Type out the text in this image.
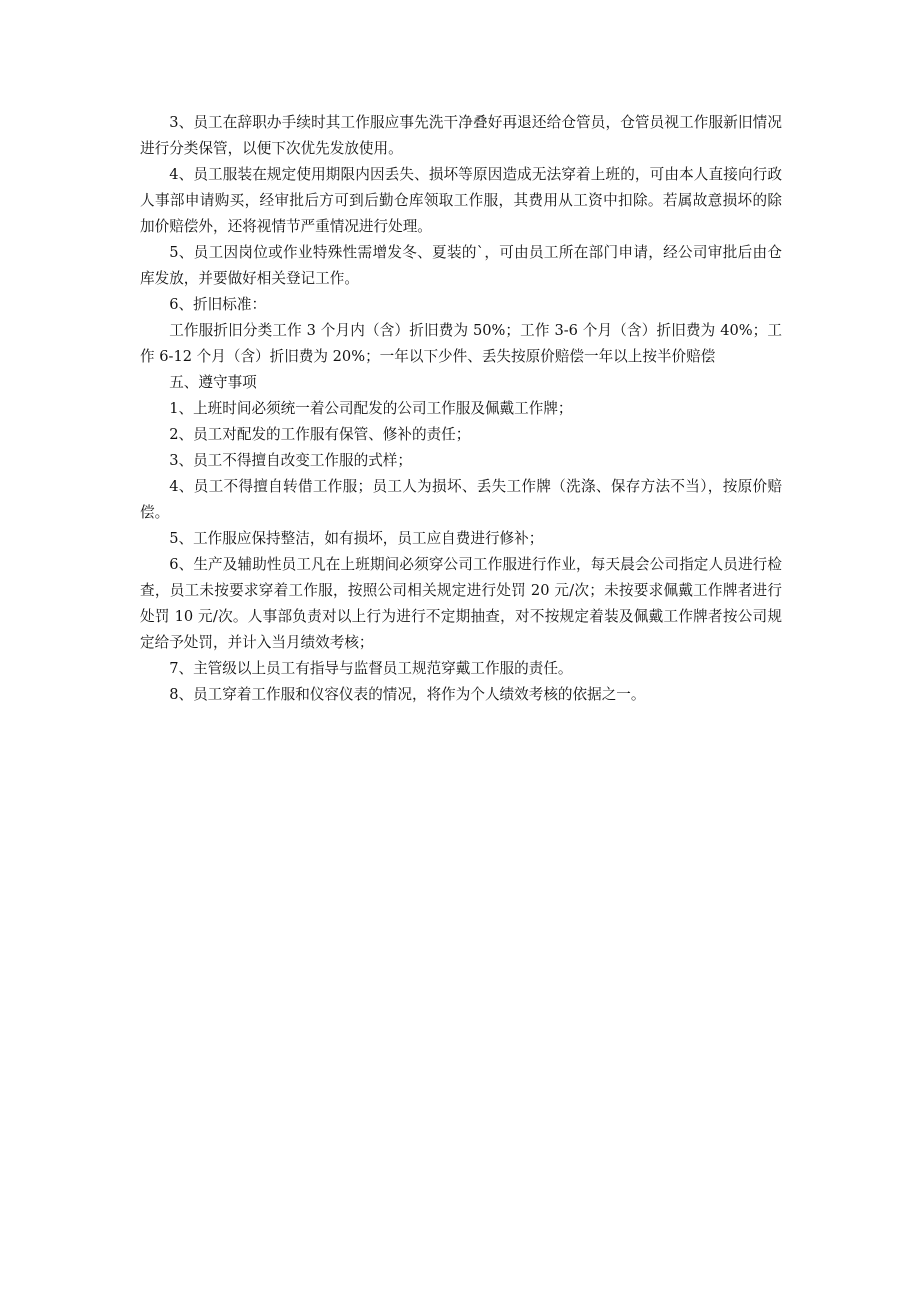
3、员工在辞职办手续时其工作服应事先洗干净叠好再退还给仓管员，仓管员视工作服新旧情况进行分类保管，以便下次优先发放使用。

4、员工服装在规定使用期限内因丢失、损坏等原因造成无法穿着上班的，可由本人直接向行政人事部申请购买，经审批后方可到后勤仓库领取工作服，其费用从工资中扣除。若属故意损坏的除加价赔偿外，还将视情节严重情况进行处理。

5、员工因岗位或作业特殊性需增发冬、夏装的`，可由员工所在部门申请，经公司审批后由仓库发放，并要做好相关登记工作。

6、折旧标准：

工作服折旧分类工作 3 个月内（含）折旧费为 50%；工作 3-6 个月（含）折旧费为 40%；工作 6-12 个月（含）折旧费为 20%；一年以下少件、丢失按原价赔偿一年以上按半价赔偿

五、遵守事项

1、上班时间必须统一着公司配发的公司工作服及佩戴工作牌；

2、员工对配发的工作服有保管、修补的责任；

3、员工不得擅自改变工作服的式样；

4、员工不得擅自转借工作服；员工人为损坏、丢失工作牌（洗涤、保存方法不当），按原价赔偿。

5、工作服应保持整洁，如有损坏，员工应自费进行修补；

6、生产及辅助性员工凡在上班期间必须穿公司工作服进行作业，每天晨会公司指定人员进行检查，员工未按要求穿着工作服，按照公司相关规定进行处罚 20 元/次；未按要求佩戴工作牌者进行处罚 10 元/次。人事部负责对以上行为进行不定期抽查，对不按规定着装及佩戴工作牌者按公司规定给予处罚，并计入当月绩效考核；

7、主管级以上员工有指导与监督员工规范穿戴工作服的责任。

8、员工穿着工作服和仪容仪表的情况，将作为个人绩效考核的依据之一。
